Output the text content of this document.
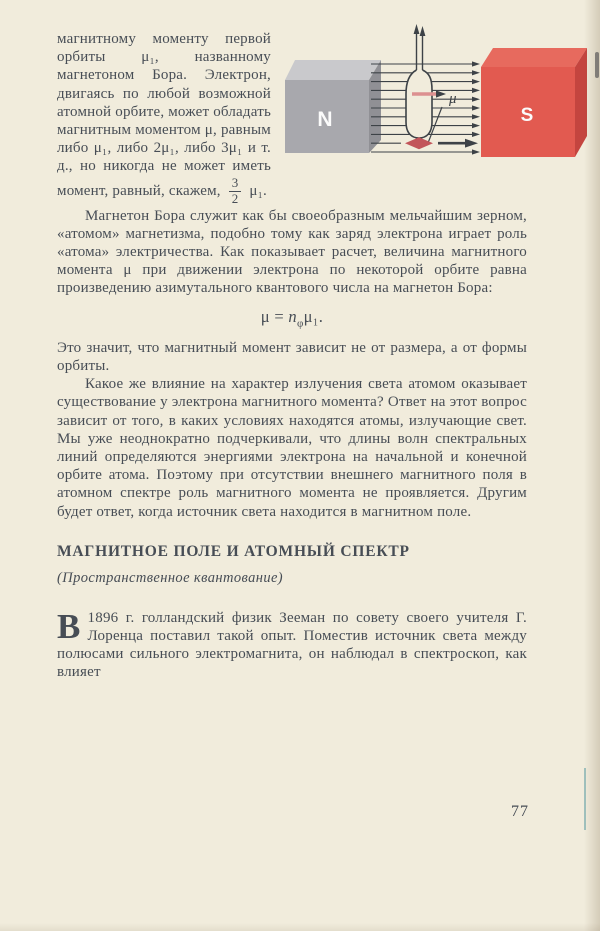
N	S
μ
магнитному моменту первой орбиты μ₁, названному магнетоном Бора. Электрон, двигаясь по любой возможной атомной орбите, может обладать магнитным моментом μ, равным либо μ₁, либо 2μ₁, либо 3μ₁ и т. д., но никогда не может иметь момент, равный, скажем, $\frac{3}{2} \mu_1$.

Магнетон Бора служит как бы своеобразным мельчайшим зерном, «атомом» магнетизма, подобно тому как заряд электрона играет роль «атома» электричества. Как показывает расчет, величина магнитного момента μ при движении электрона по некоторой орбите равна произведению азимутального квантового числа на магнетон Бора:

$\mu = n_\varphi\mu_1$.

Это значит, что магнитный момент зависит не от размера, а от формы орбиты.

Какое же влияние на характер излучения света атомом оказывает существование у электрона магнитного момента? Ответ на этот вопрос зависит от того, в каких условиях находятся атомы, излучающие свет. Мы уже неоднократно подчеркивали, что длины волн спектральных линий определяются энергиями электрона на начальной и конечной орбите атома. Поэтому при отсутствии внешнего магнитного поля в атомном спектре роль магнитного момента не проявляется. Другим будет ответ, когда источник света находится в магнитном поле.

МАГНИТНОЕ ПОЛЕ И АТОМНЫЙ СПЕКТР
(Пространственное квантование)

В 1896 г. голландский физик Зееман по совету своего учителя Г. Лоренца поставил такой опыт. Поместив источник света между полюсами сильного электромагнита, он наблюдал в спектроскоп, как влияет

77
